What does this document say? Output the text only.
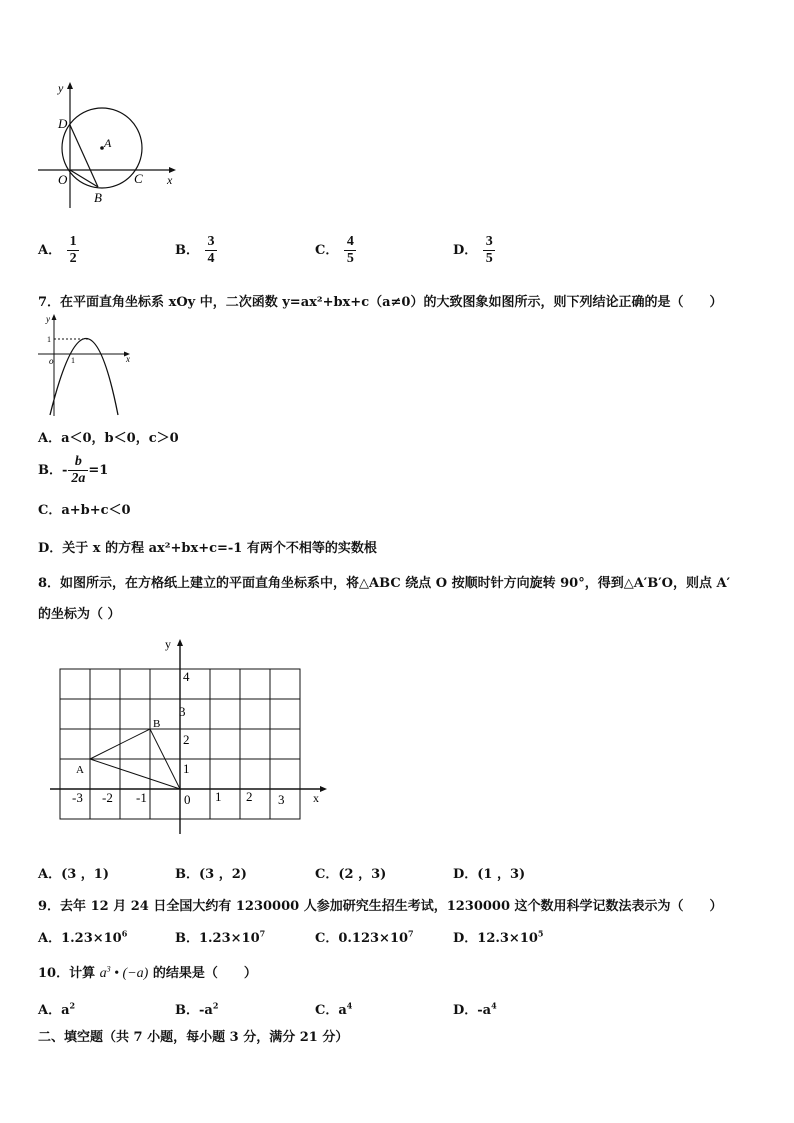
y
x
D
A
O	C
B
A． $\frac{1}{2}$	B． $\frac{3}{4}$	C． $\frac{4}{5}$	D． $\frac{3}{5}$
7．在平面直角坐标系 xOy 中，二次函数 y=ax²+bx+c（a≠0）的大致图象如图所示，则下列结论正确的是（　　）
y
x
o 1
1
A．a＜0，b＜0，c＞0
B．- $\frac{b}{2a} =1$
C．a+b+c＜0
D．关于 x 的方程 ax²+bx+c=-1 有两个不相等的实数根
8．如图所示，在方格纸上建立的平面直角坐标系中，将△ABC 绕点 O 按顺时针方向旋转 90°，得到△A′B′O，则点 A′
的坐标为（ ）
y
x
A
B
0
-3 -2 -1	1 2 3
1
2
3
4
A．(3 ，1)	B．(3 ，2)	C．(2 ，3)	D．(1 ，3)
9．去年 12 月 24 日全国大约有 1230000 人参加研究生招生考试，1230000 这个数用科学记数法表示为（　　）
A．$1.23\times 10^6$	B．$1.23\times 10^7$	C．$0.123\times 10^7$	D．$12.3\times 10^5$
10．计算 $a^3$ • (−a) 的结果是（　　）
A．$a^2$	B．$-a^2$	C．$a^4$	D．$-a^4$
二、填空题（共 7 小题，每小题 3 分，满分 21 分）
